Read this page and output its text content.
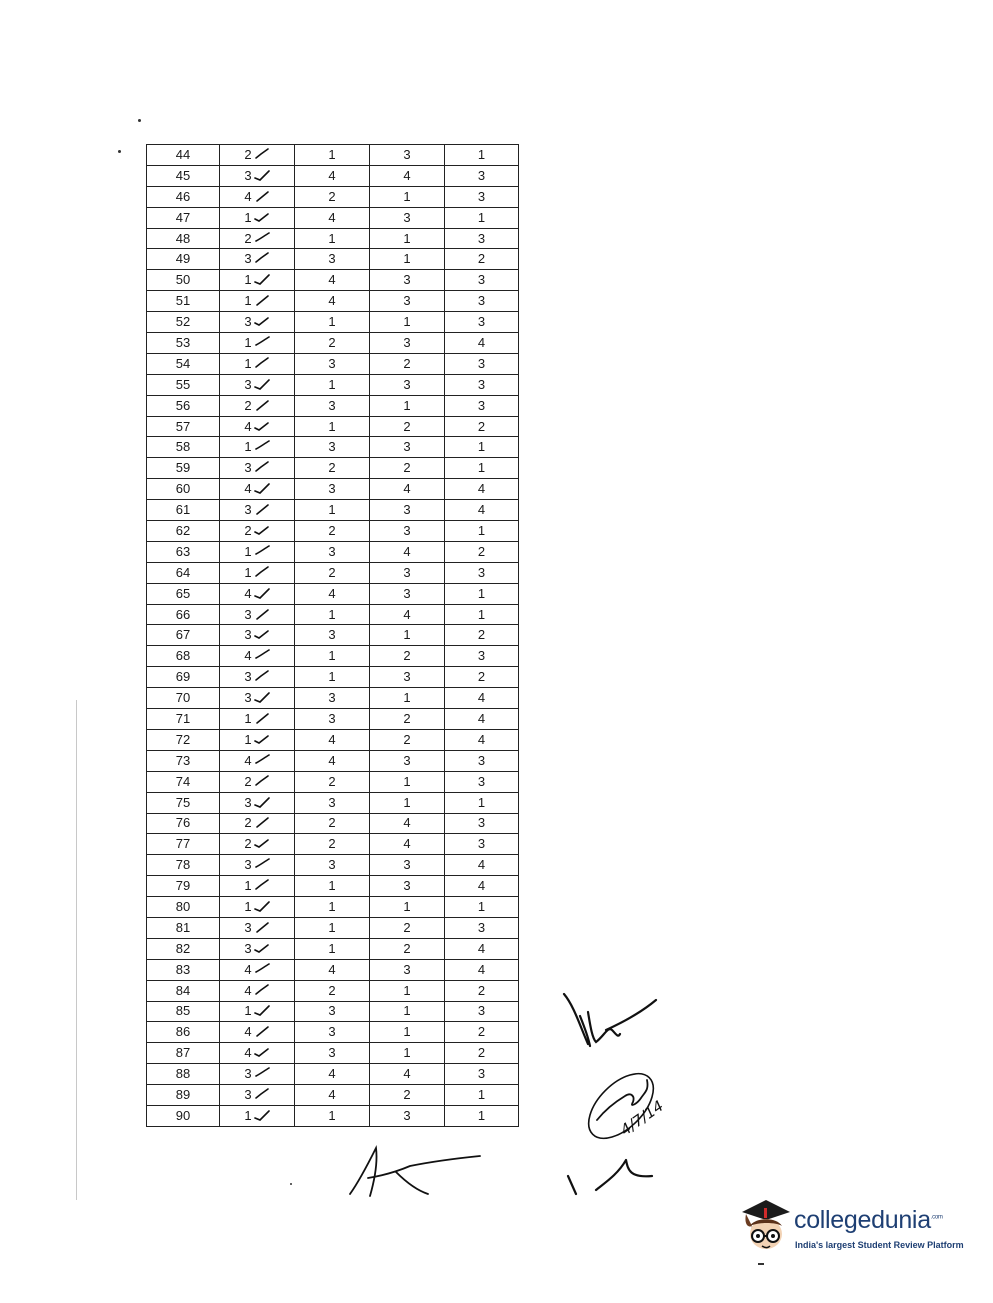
44	2	1	3	1
45	3	4	4	3
46	4	2	1	3
47	1	4	3	1
48	2	1	1	3
49	3	3	1	2
50	1	4	3	3
51	1	4	3	3
52	3	1	1	3
53	1	2	3	4
54	1	3	2	3
55	3	1	3	3
56	2	3	1	3
57	4	1	2	2
58	1	3	3	1
59	3	2	2	1
60	4	3	4	4
61	3	1	3	4
62	2	2	3	1
63	1	3	4	2
64	1	2	3	3
65	4	4	3	1
66	3	1	4	1
67	3	3	1	2
68	4	1	2	3
69	3	1	3	2
70	3	3	1	4
71	1	3	2	4
72	1	4	2	4
73	4	4	3	3
74	2	2	1	3
75	3	3	1	1
76	2	2	4	3
77	2	2	4	3
78	3	3	3	4
79	1	1	3	4
80	1	1	1	1
81	3	1	2	3
82	3	1	2	4
83	4	4	3	4
84	4	2	1	2
85	1	3	1	3
86	4	3	1	2
87	4	3	1	2
88	3	4	4	3
89	3	4	2	1
90	1	1	3	1	4/7/14
collegedunia$^{.com}$
India's largest Student Review Platform
